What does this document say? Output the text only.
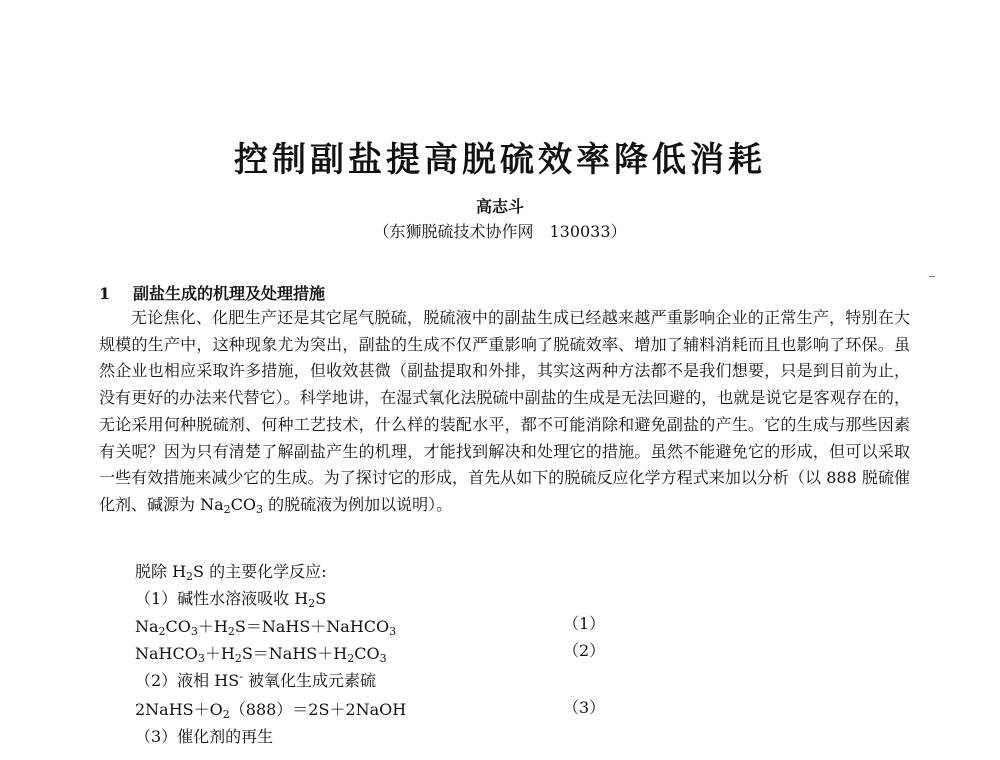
控制副盐提高脱硫效率降低消耗
高志斗
（东狮脱硫技术协作网　130033）
1 副盐生成的机理及处理措施

无论焦化、化肥生产还是其它尾气脱硫，脱硫液中的副盐生成已经越来越严重影响企业的正常生产，特别在大规模的生产中，这种现象尤为突出，副盐的生成不仅严重影响了脱硫效率、增加了辅料消耗而且也影响了环保。虽然企业也相应采取许多措施，但收效甚微（副盐提取和外排，其实这两种方法都不是我们想要，只是到目前为止，没有更好的办法来代替它）。科学地讲，在湿式氧化法脱硫中副盐的生成是无法回避的，也就是说它是客观存在的，无论采用何种脱硫剂、何种工艺技术，什么样的装配水平，都不可能消除和避免副盐的产生。它的生成与那些因素有关呢？因为只有清楚了解副盐产生的机理，才能找到解决和处理它的措施。虽然不能避免它的形成，但可以采取一些有效措施来减少它的生成。为了探讨它的形成，首先从如下的脱硫反应化学方程式来加以分析（以 888 脱硫催化剂、碱源为 $Na_2CO_3$ 的脱硫液为例加以说明）。

脱除 $H_2S$ 的主要化学反应:
（1）碱性水溶液吸收 $H_2S$
$Na_2CO_3+H_2S=NaHS+NaHCO_3$	（1）
$NaHCO_3+H_2S=NaHS+H_2CO_3$	（2）
（2）液相 HS- 被氧化生成元素硫
$2NaHS+O_2(888)=2S+2NaOH$	（3）
（3）催化剂的再生
